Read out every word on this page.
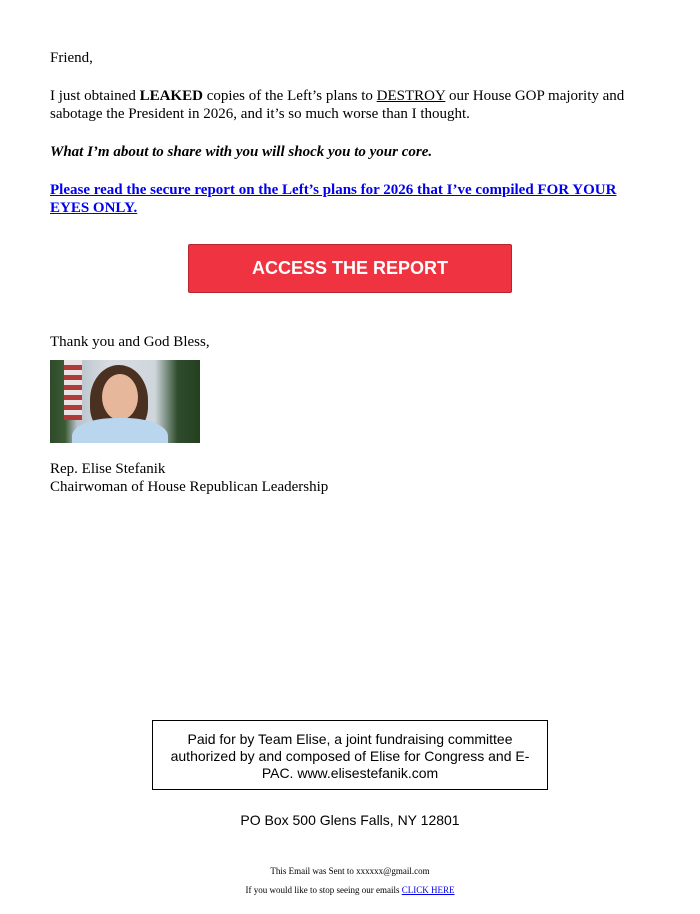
Friend,

I just obtained LEAKED copies of the Left’s plans to DESTROY our House GOP majority and sabotage the President in 2026, and it’s so much worse than I thought.

What I’m about to share with you will shock you to your core.

Please read the secure report on the Left’s plans for 2026 that I’ve compiled FOR YOUR EYES ONLY.

ACCESS THE REPORT

Thank you and God Bless,

Rep. Elise Stefanik

Chairwoman of House Republican Leadership

Paid for by Team Elise, a joint fundraising committee authorized by and composed of Elise for Congress and E-PAC. www.elisestefanik.com
PO Box 500 Glens Falls, NY 12801
This Email was Sent to xxxxxx@gmail.com
If you would like to stop seeing our emails CLICK HERE
